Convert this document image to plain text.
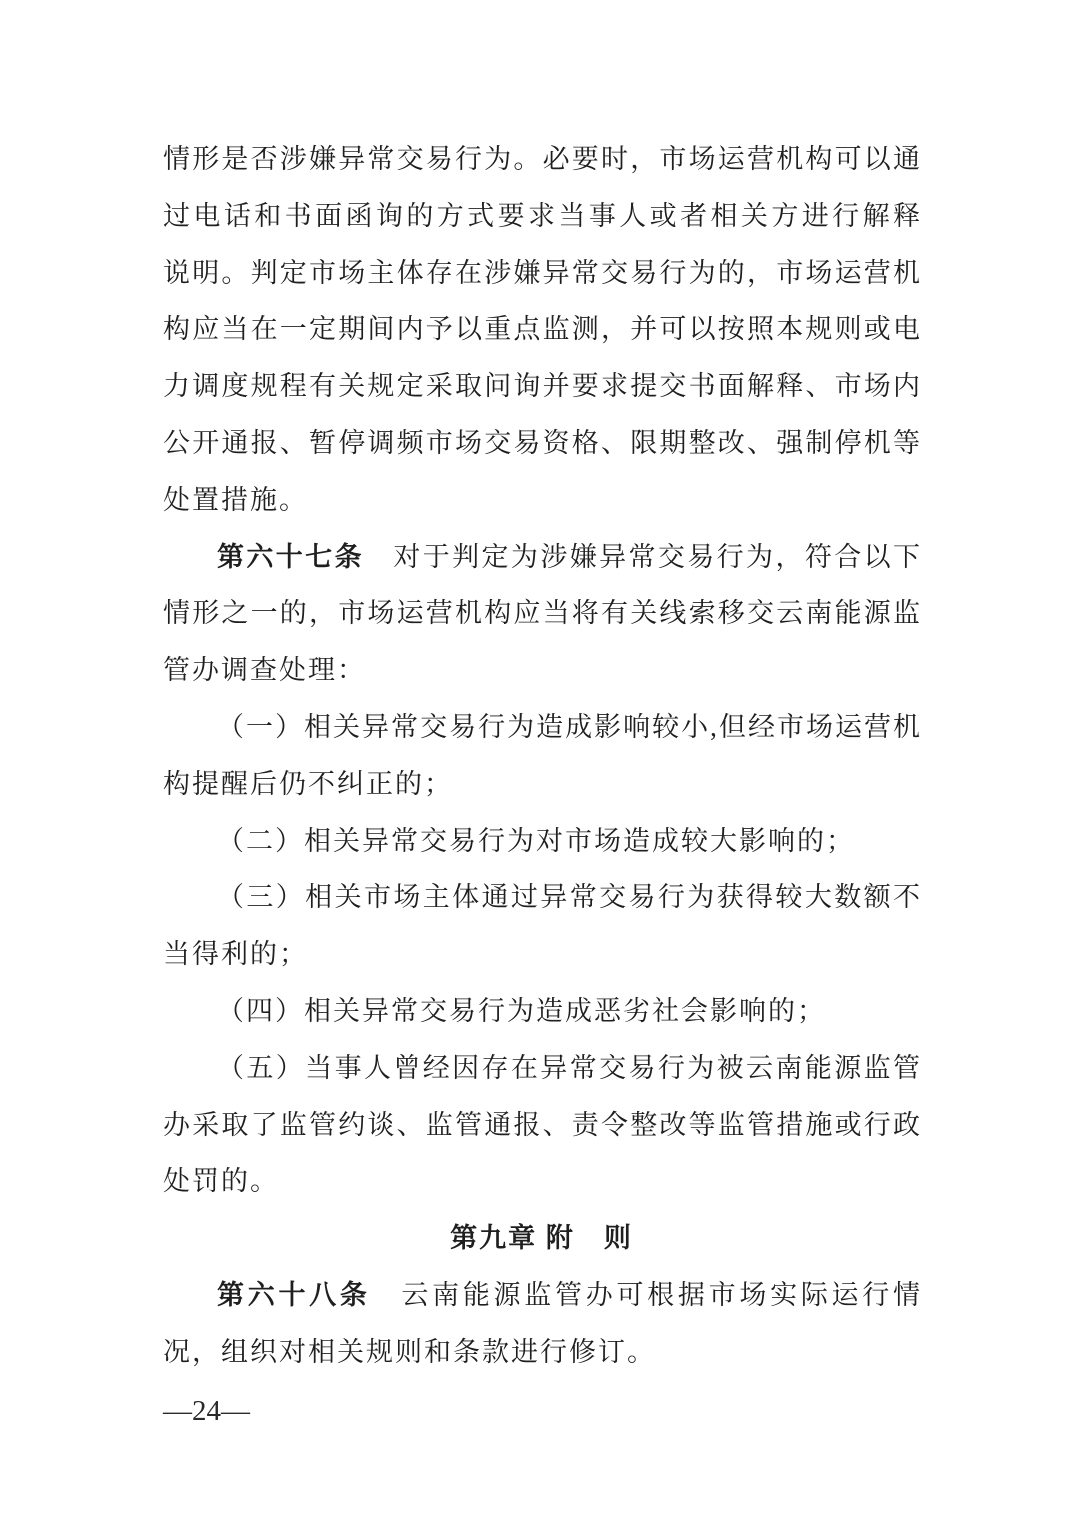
情形是否涉嫌异常交易行为。必要时，市场运营机构可以通
过电话和书面函询的方式要求当事人或者相关方进行解释
说明。判定市场主体存在涉嫌异常交易行为的，市场运营机
构应当在一定期间内予以重点监测，并可以按照本规则或电
力调度规程有关规定采取问询并要求提交书面解释、市场内
公开通报、暂停调频市场交易资格、限期整改、强制停机等
处置措施。
第六十七条　对于判定为涉嫌异常交易行为，符合以下
情形之一的，市场运营机构应当将有关线索移交云南能源监
管办调查处理：
（一）相关异常交易行为造成影响较小,但经市场运营机
构提醒后仍不纠正的；
（二）相关异常交易行为对市场造成较大影响的；
（三）相关市场主体通过异常交易行为获得较大数额不
当得利的；
（四）相关异常交易行为造成恶劣社会影响的；
（五）当事人曾经因存在异常交易行为被云南能源监管
办采取了监管约谈、监管通报、责令整改等监管措施或行政
处罚的。
第九章 附　则
第六十八条　云南能源监管办可根据市场实际运行情
况，组织对相关规则和条款进行修订。
—24—
